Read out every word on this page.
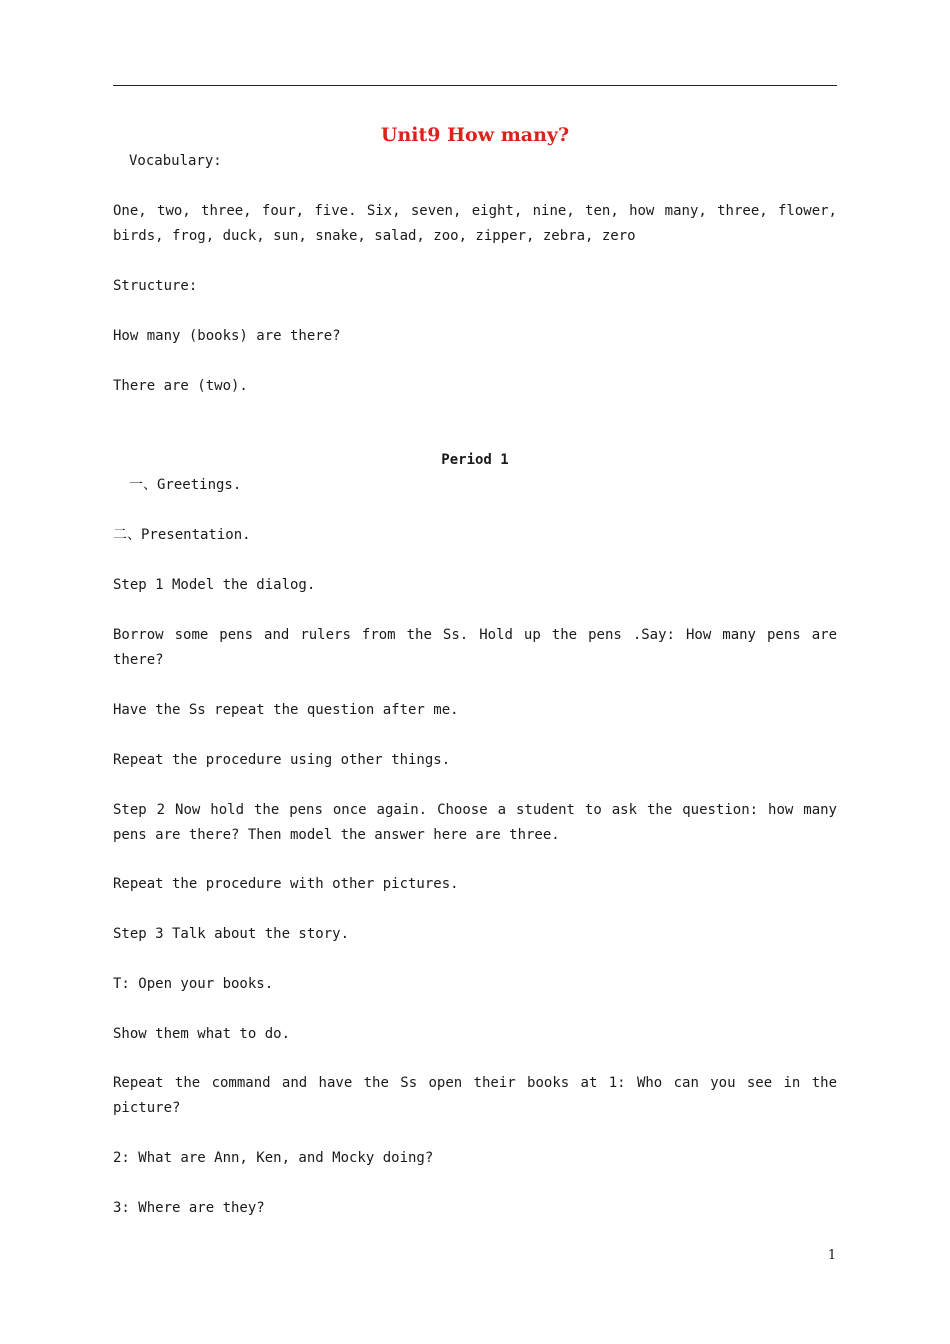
Unit9 How many?
Vocabulary:
One, two, three, four, five. Six, seven, eight, nine, ten, how many, three, flower,
birds, frog, duck, sun, snake, salad, zoo, zipper, zebra, zero
Structure:
How many (books) are there?
There are (two).
Period 1
一、Greetings.
二、Presentation.
Step 1 Model the dialog.
Borrow some pens and rulers from the Ss. Hold up the pens .Say: How many pens are
there?
Have the Ss repeat the question after me.
Repeat the procedure using other things.
Step 2 Now hold the pens once again. Choose a student to ask the question: how many
pens are there? Then model the answer here are three.
Repeat the procedure with other pictures.
Step 3 Talk about the story.
T: Open your books.
Show them what to do.
Repeat the command and have the Ss open their books at 1: Who can you see in the
picture?
2: What are Ann, Ken, and Mocky doing?
3: Where are they?
1
